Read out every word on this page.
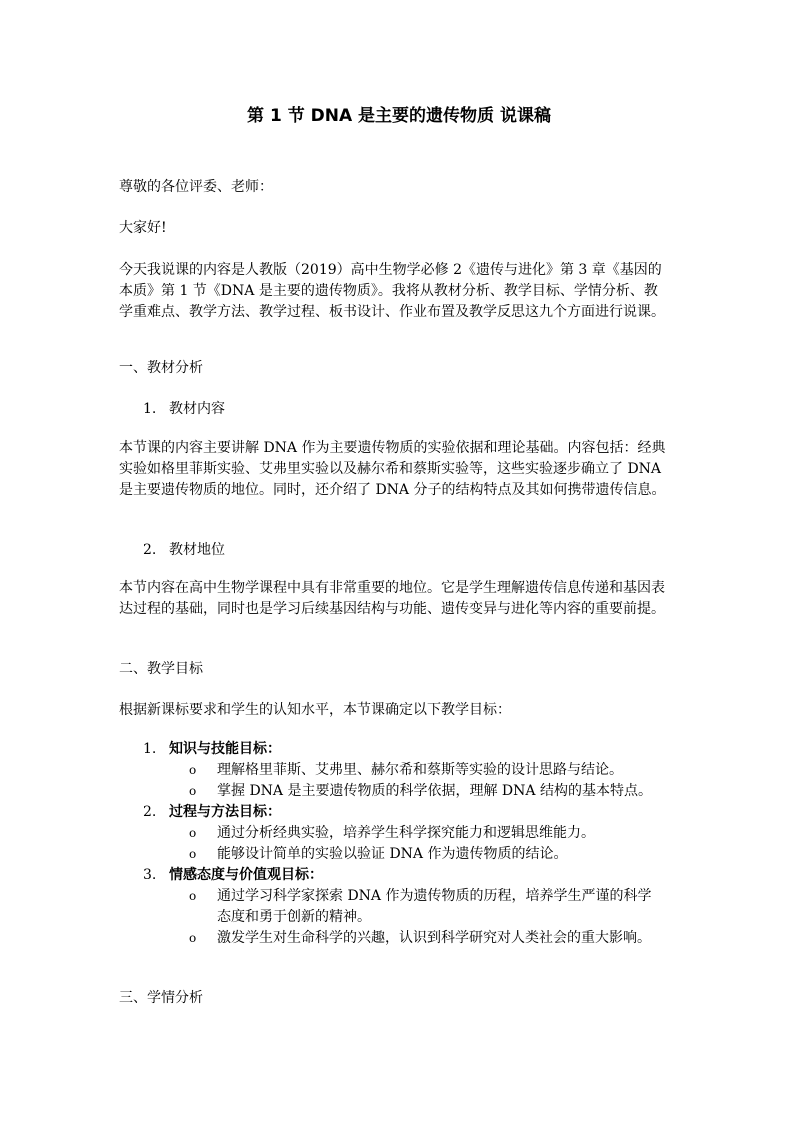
第 1 节 DNA 是主要的遗传物质 说课稿

尊敬的各位评委、老师：

大家好!

今天我说课的内容是人教版（2019）高中生物学必修 2《遗传与进化》第 3 章《基因的本质》第 1 节《DNA 是主要的遗传物质》。我将从教材分析、教学目标、学情分析、教学重难点、教学方法、教学过程、板书设计、作业布置及教学反思这九个方面进行说课。

一、教材分析

1. 教材内容

本节课的内容主要讲解 DNA 作为主要遗传物质的实验依据和理论基础。内容包括：经典实验如格里菲斯实验、艾弗里实验以及赫尔希和蔡斯实验等，这些实验逐步确立了 DNA 是主要遗传物质的地位。同时，还介绍了 DNA 分子的结构特点及其如何携带遗传信息。

2. 教材地位

本节内容在高中生物学课程中具有非常重要的地位。它是学生理解遗传信息传递和基因表达过程的基础，同时也是学习后续基因结构与功能、遗传变异与进化等内容的重要前提。

二、教学目标

根据新课标要求和学生的认知水平，本节课确定以下教学目标：

1. 知识与技能目标：

o 理解格里菲斯、艾弗里、赫尔希和蔡斯等实验的设计思路与结论。

o 掌握 DNA 是主要遗传物质的科学依据，理解 DNA 结构的基本特点。

2. 过程与方法目标：

o 通过分析经典实验，培养学生科学探究能力和逻辑思维能力。

o 能够设计简单的实验以验证 DNA 作为遗传物质的结论。

3. 情感态度与价值观目标：

o 通过学习科学家探索 DNA 作为遗传物质的历程，培养学生严谨的科学态度和勇于创新的精神。

o 激发学生对生命科学的兴趣，认识到科学研究对人类社会的重大影响。

三、学情分析
